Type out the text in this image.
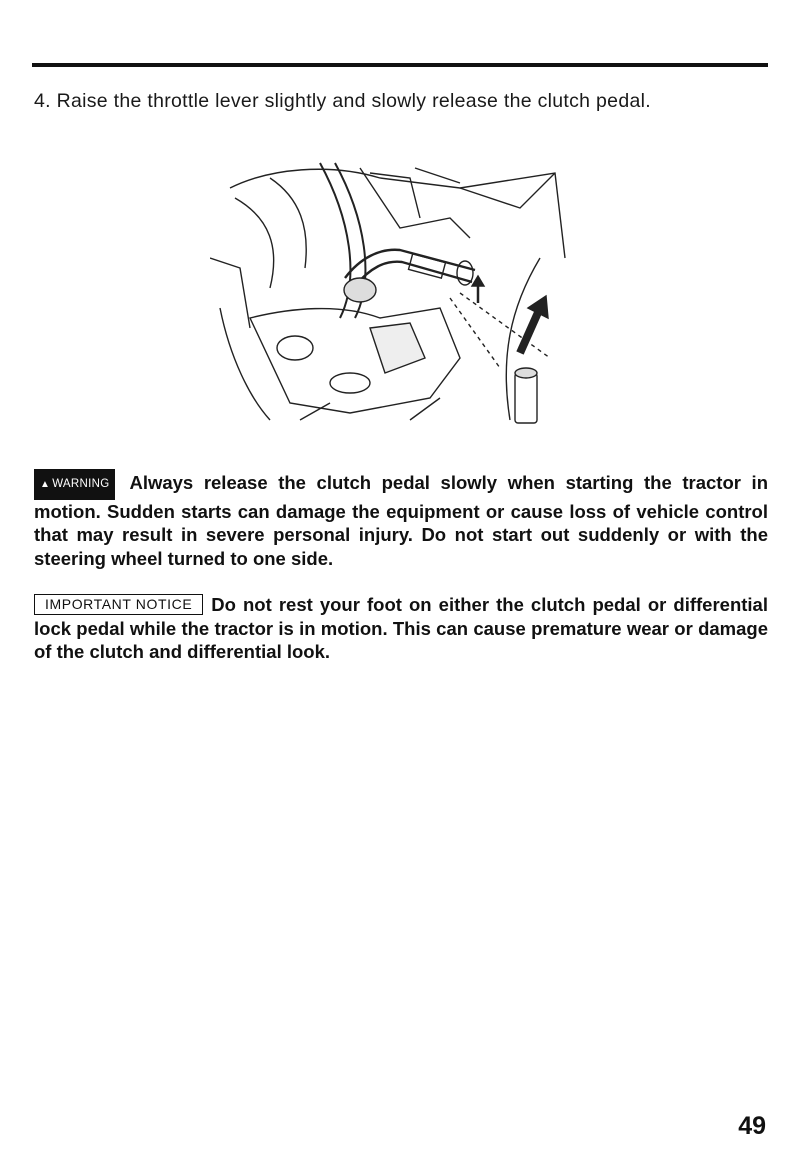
4. Raise the throttle lever slightly and slowly release the clutch pedal.
▲ WARNING Always release the clutch pedal slowly when starting the tractor in motion. Sudden starts can damage the equipment or cause loss of vehicle control that may result in severe personal injury. Do not start out suddenly or with the steering wheel turned to one side.
IMPORTANT NOTICE Do not rest your foot on either the clutch pedal or differential lock pedal while the tractor is in motion. This can cause premature wear or damage of the clutch and differential look.
49
